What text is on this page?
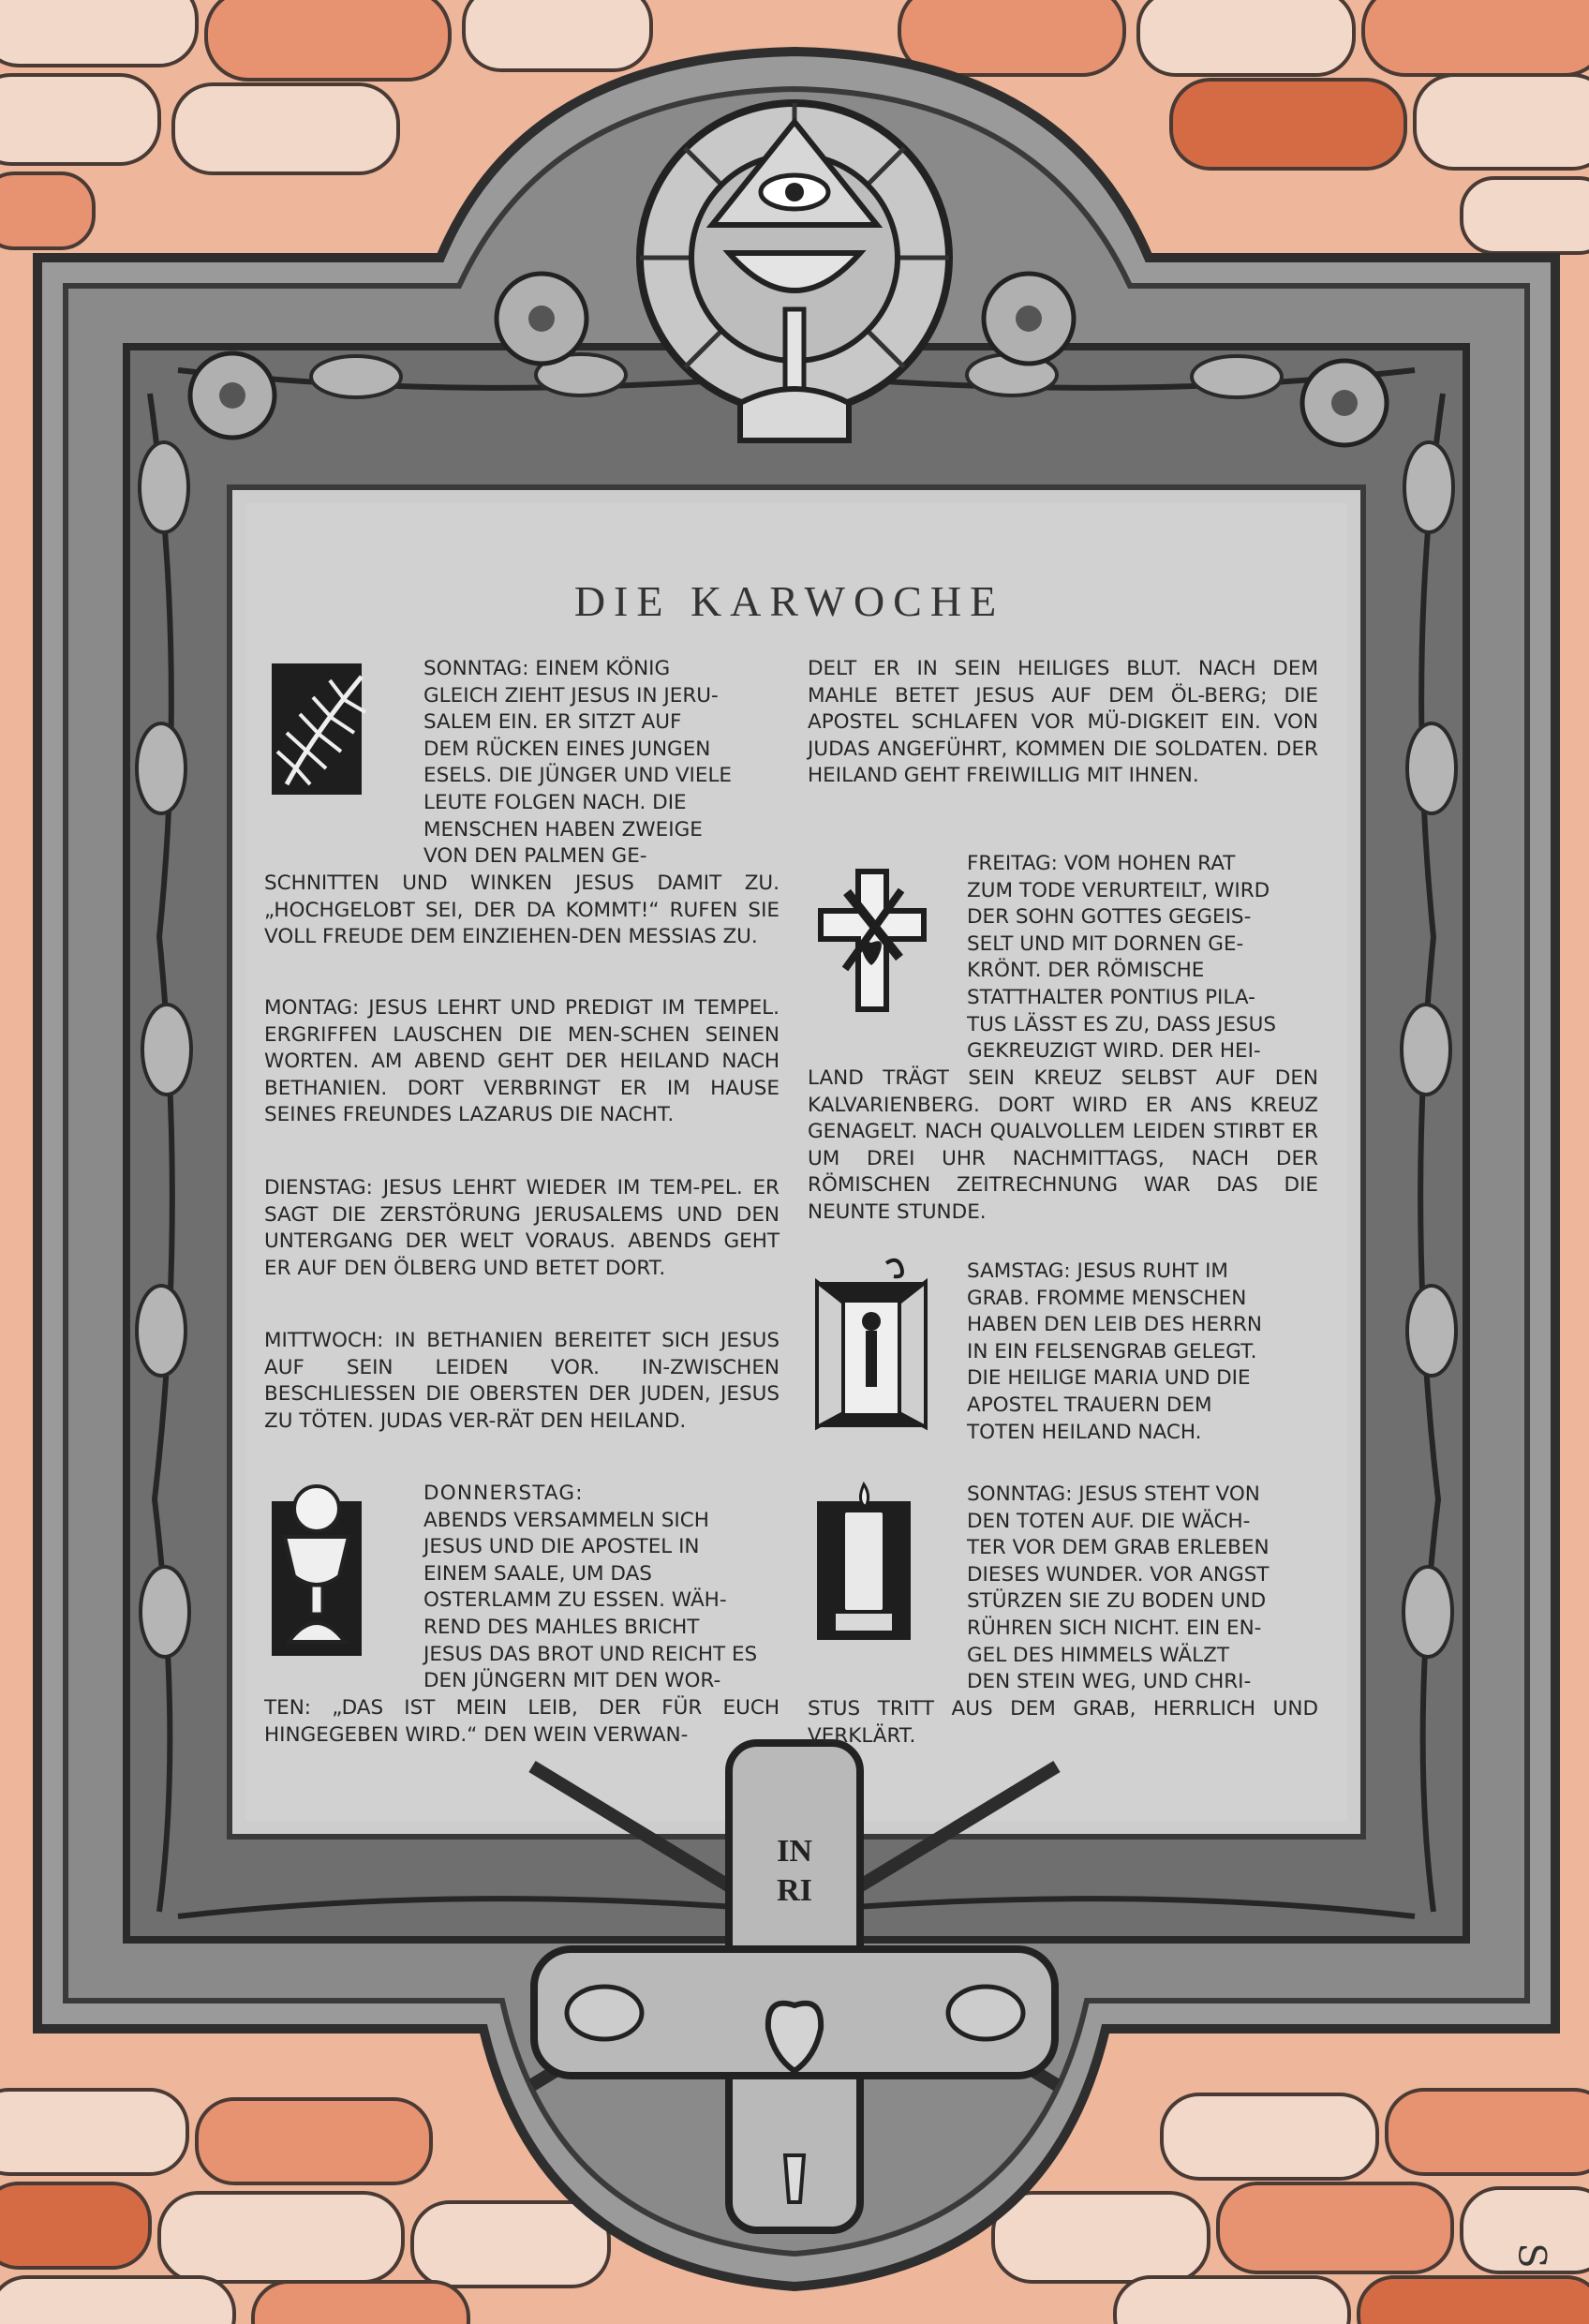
IN
RI
DIE KARWOCHE

SONNTAG: EINEM KÖNIG

GLEICH ZIEHT JESUS IN JERU-

SALEM EIN. ER SITZT AUF

DEM RÜCKEN EINES JUNGEN

ESELS. DIE JÜNGER UND VIELE

LEUTE FOLGEN NACH. DIE

MENSCHEN HABEN ZWEIGE

VON DEN PALMEN GE-

SCHNITTEN UND WINKEN JESUS DAMIT ZU. „HOCHGELOBT SEI, DER DA KOMMT!“ RUFEN SIE VOLL FREUDE DEM EINZIEHEN-DEN MESSIAS ZU.
MONTAG: JESUS LEHRT UND PREDIGT IM TEMPEL. ERGRIFFEN LAUSCHEN DIE MEN-SCHEN SEINEN WORTEN. AM ABEND GEHT DER HEILAND NACH BETHANIEN. DORT VERBRINGT ER IM HAUSE SEINES FREUNDES LAZARUS DIE NACHT.
DIENSTAG: JESUS LEHRT WIEDER IM TEM-PEL. ER SAGT DIE ZERSTÖRUNG JERUSALEMS UND DEN UNTERGANG DER WELT VORAUS. ABENDS GEHT ER AUF DEN ÖLBERG UND BETET DORT.
MITTWOCH: IN BETHANIEN BEREITET SICH JESUS AUF SEIN LEIDEN VOR. IN-ZWISCHEN BESCHLIESSEN DIE OBERSTEN DER JUDEN, JESUS ZU TÖTEN. JUDAS VER-RÄT DEN HEILAND.

DONNERSTAG:

ABENDS VERSAMMELN SICH

JESUS UND DIE APOSTEL IN

EINEM SAALE, UM DAS

OSTERLAMM ZU ESSEN. WÄH-

REND DES MAHLES BRICHT

JESUS DAS BROT UND REICHT ES

DEN JÜNGERN MIT DEN WOR-

TEN: „DAS IST MEIN LEIB, DER FÜR EUCH HINGEGEBEN WIRD.“ DEN WEIN VERWAN-
DELT ER IN SEIN HEILIGES BLUT. NACH DEM MAHLE BETET JESUS AUF DEM ÖL-BERG; DIE APOSTEL SCHLAFEN VOR MÜ-DIGKEIT EIN. VON JUDAS ANGEFÜHRT, KOMMEN DIE SOLDATEN. DER HEILAND GEHT FREIWILLIG MIT IHNEN.

FREITAG: VOM HOHEN RAT

ZUM TODE VERURTEILT, WIRD

DER SOHN GOTTES GEGEIS-

SELT UND MIT DORNEN GE-

KRÖNT. DER RÖMISCHE

STATTHALTER PONTIUS PILA-

TUS LÄSST ES ZU, DASS JESUS

GEKREUZIGT WIRD. DER HEI-

LAND TRÄGT SEIN KREUZ SELBST AUF DEN KALVARIENBERG. DORT WIRD ER ANS KREUZ GENAGELT. NACH QUALVOLLEM LEIDEN STIRBT ER UM DREI UHR NACHMITTAGS, NACH DER RÖMISCHEN ZEITRECHNUNG WAR DAS DIE NEUNTE STUNDE.

SAMSTAG: JESUS RUHT IM

GRAB. FROMME MENSCHEN

HABEN DEN LEIB DES HERRN

IN EIN FELSENGRAB GELEGT.

DIE HEILIGE MARIA UND DIE

APOSTEL TRAUERN DEM

TOTEN HEILAND NACH.

SONNTAG: JESUS STEHT VON

DEN TOTEN AUF. DIE WÄCH-

TER VOR DEM GRAB ERLEBEN

DIESES WUNDER. VOR ANGST

STÜRZEN SIE ZU BODEN UND

RÜHREN SICH NICHT. EIN EN-

GEL DES HIMMELS WÄLZT

DEN STEIN WEG, UND CHRI-

STUS TRITT AUS DEM GRAB, HERRLICH UND VERKLÄRT.
S
